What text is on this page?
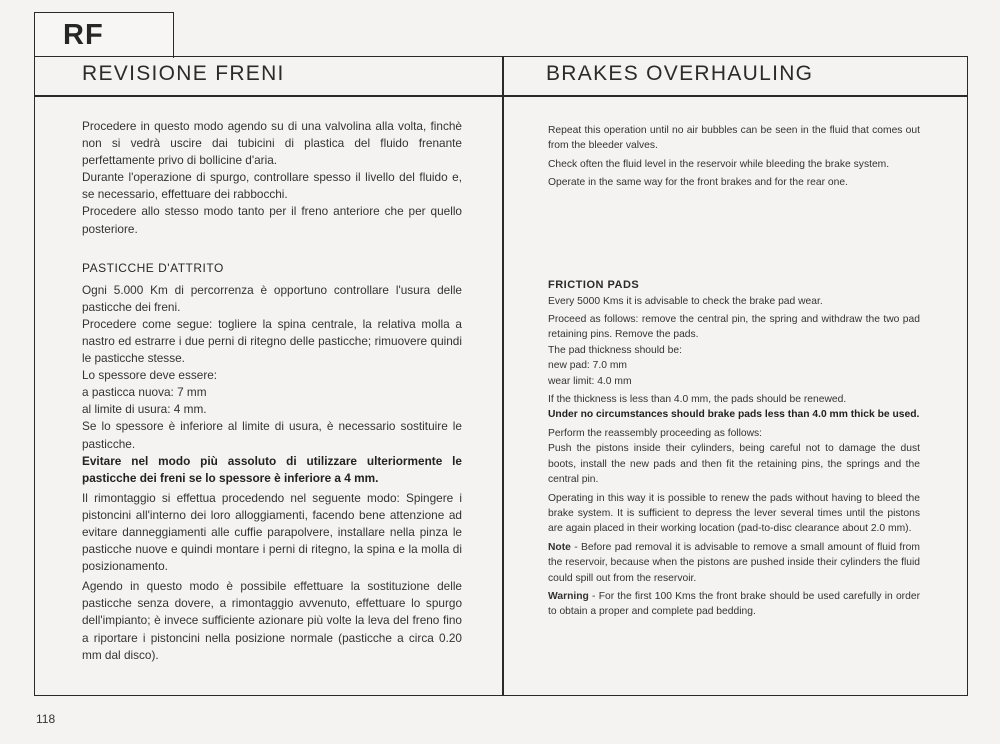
RF
REVISIONE FRENI	BRAKES OVERHAULING

Procedere in questo modo agendo su di una valvolina alla volta, finchè non si vedrà uscire dai tubicini di plastica del fluido frenante perfettamente privo di bollicine d'aria.

Durante l'operazione di spurgo, controllare spesso il livello del fluido e, se necessario, effettuare dei rabbocchi.

Procedere allo stesso modo tanto per il freno anteriore che per quello posteriore.

PASTICCHE D'ATTRITO

Ogni 5.000 Km di percorrenza è opportuno controllare l'usura delle pasticche dei freni.

Procedere come segue: togliere la spina centrale, la relativa molla a nastro ed estrarre i due perni di ritegno delle pasticche; rimuovere quindi le pasticche stesse.

Lo spessore deve essere:

a pasticca nuova: 7 mm

al limite di usura: 4 mm.

Se lo spessore è inferiore al limite di usura, è necessario sostituire le pasticche.

Evitare nel modo più assoluto di utilizzare ulteriormente le pasticche dei freni se lo spessore è inferiore a 4 mm.

Il rimontaggio si effettua procedendo nel seguente modo: Spingere i pistoncini all'interno dei loro alloggiamenti, facendo bene attenzione ad evitare danneggiamenti alle cuffie parapolvere, installare nella pinza le pasticche nuove e quindi montare i perni di ritegno, la spina e la molla di posizionamento.

Agendo in questo modo è possibile effettuare la sostituzione delle pasticche senza dovere, a rimontaggio avvenuto, effettuare lo spurgo dell'impianto; è invece sufficiente azionare più volte la leva del freno fino a riportare i pistoncini nella posizione normale (pasticche a circa 0.20 mm dal disco).

Repeat this operation until no air bubbles can be seen in the fluid that comes out from the bleeder valves.

Check often the fluid level in the reservoir while bleeding the brake system.

Operate in the same way for the front brakes and for the rear one.

FRICTION PADS

Every 5000 Kms it is advisable to check the brake pad wear.

Proceed as follows: remove the central pin, the spring and withdraw the two pad retaining pins. Remove the pads.

The pad thickness should be:

new pad: 7.0 mm

wear limit: 4.0 mm

If the thickness is less than 4.0 mm, the pads should be renewed.

Under no circumstances should brake pads less than 4.0 mm thick be used.

Perform the reassembly proceeding as follows:

Push the pistons inside their cylinders, being careful not to damage the dust boots, install the new pads and then fit the retaining pins, the springs and the central pin.

Operating in this way it is possible to renew the pads without having to bleed the brake system. It is sufficient to depress the lever several times until the pistons are again placed in their working location (pad-to-disc clearance about 2.0 mm).

Note - Before pad removal it is advisable to remove a small amount of fluid from the reservoir, because when the pistons are pushed inside their cylinders the fluid could spill out from the reservoir.

Warning - For the first 100 Kms the front brake should be used carefully in order to obtain a proper and complete pad bedding.

118
